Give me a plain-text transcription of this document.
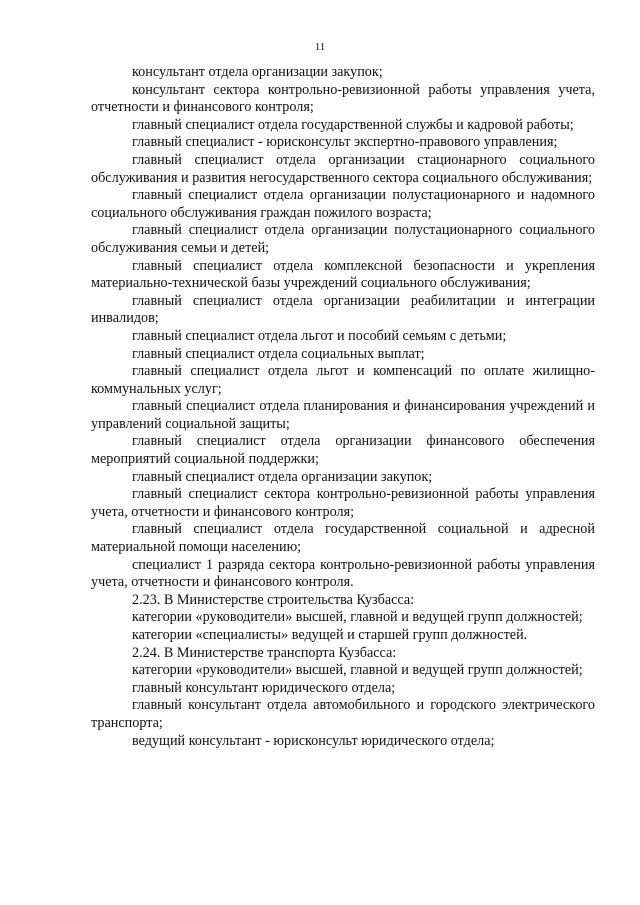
11

консультант отдела организации закупок;

консультант сектора контрольно-ревизионной работы управления учета, отчетности и финансового контроля;

главный специалист отдела государственной службы и кадровой работы;

главный специалист - юрисконсульт экспертно-правового управления;

главный специалист отдела организации стационарного социального обслуживания и развития негосударственного сектора социального обслуживания;

главный специалист отдела организации полустационарного и надомного социального обслуживания граждан пожилого возраста;

главный специалист отдела организации полустационарного социального обслуживания семьи и детей;

главный специалист отдела комплексной безопасности и укрепления материально-технической базы учреждений социального обслуживания;

главный специалист отдела организации реабилитации и интеграции инвалидов;

главный специалист отдела льгот и пособий семьям с детьми;

главный специалист отдела социальных выплат;

главный специалист отдела льгот и компенсаций по оплате жилищно-коммунальных услуг;

главный специалист отдела планирования и финансирования учреждений и управлений социальной защиты;

главный специалист отдела организации финансового обеспечения мероприятий социальной поддержки;

главный специалист отдела организации закупок;

главный специалист сектора контрольно-ревизионной работы управления учета, отчетности и финансового контроля;

главный специалист отдела государственной социальной и адресной материальной помощи населению;

специалист 1 разряда сектора контрольно-ревизионной работы управления учета, отчетности и финансового контроля.

2.23. В Министерстве строительства Кузбасса:

категории «руководители» высшей, главной и ведущей групп должностей;

категории «специалисты» ведущей и старшей групп должностей.

2.24. В Министерстве транспорта Кузбасса:

категории «руководители» высшей, главной и ведущей групп должностей;

главный консультант юридического отдела;

главный консультант отдела автомобильного и городского электрического транспорта;

ведущий консультант - юрисконсульт юридического отдела;
